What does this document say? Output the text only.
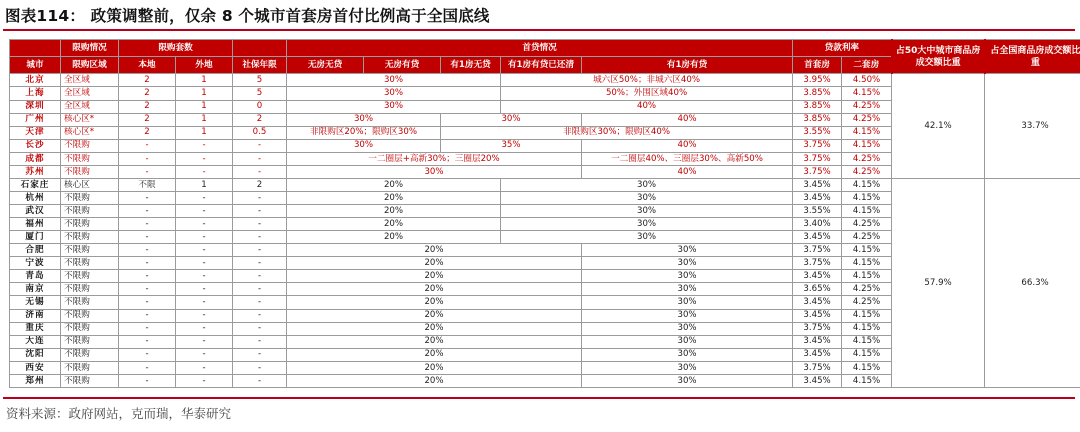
图表114： 政策调整前，仅余 8 个城市首套房首付比例高于全国底线
	限购情况	限购套数			首贷情况					贷款利率		占50大中城市商品房成交额比重	占全国商品房成交额比重
城市	限购区域	本地	外地	社保年限	无房无贷	无房有贷	有1房无贷	有1房有贷已还清	有1房有贷	首套房	二套房		
北京	全区域	2	1	5	30%			城六区50%；非城六区40%		3.95%	4.50%	42.1%	33.7%
上海	全区域	2	1	5	30%			50%；外围区域40%		3.85%	4.15%		
深圳	全区域	2	1	0	30%			40%		3.85%	4.25%		
广州	核心区*	2	1	2	30%		30%		40%	3.85%	4.25%		
天津	核心区*	2	1	0.5	非限购区20%；限购区30%		非限购区30%；限购区40%			3.55%	4.15%		
长沙	不限购	-	-	-	30%		35%		40%	3.75%	4.15%		
成都	不限购	-	-	-	一二圈层+高新30%；三圈层20%				一二圈层40%、三圈层30%、高新50%	3.75%	4.25%		
苏州	不限购	-	-	-	30%				40%	3.75%	4.25%		
石家庄	核心区	不限	1	2	20%			30%		3.45%	4.15%	57.9%	66.3%
杭州	不限购	-	-	-	20%			30%		3.45%	4.15%		
武汉	不限购	-	-	-	20%			30%		3.55%	4.15%		
福州	不限购	-	-	-	20%			30%		3.40%	4.25%		
厦门	不限购	-	-	-	20%			30%		3.45%	4.25%		
合肥	不限购	-	-	-	20%				30%	3.75%	4.15%		
宁波	不限购	-	-	-	20%				30%	3.75%	4.15%		
青岛	不限购	-	-	-	20%				30%	3.45%	4.15%		
南京	不限购	-	-	-	20%				30%	3.65%	4.25%		
无锡	不限购	-	-	-	20%				30%	3.45%	4.25%		
济南	不限购	-	-	-	20%				30%	3.45%	4.15%		
重庆	不限购	-	-	-	20%				30%	3.75%	4.15%		
大连	不限购	-	-	-	20%				30%	3.45%	4.15%		
沈阳	不限购	-	-	-	20%				30%	3.45%	4.15%		
西安	不限购	-	-	-	20%				30%	3.75%	4.15%		
郑州	不限购	-	-	-	20%				30%	3.45%	4.15%		
资料来源：政府网站，克而瑞，华泰研究
